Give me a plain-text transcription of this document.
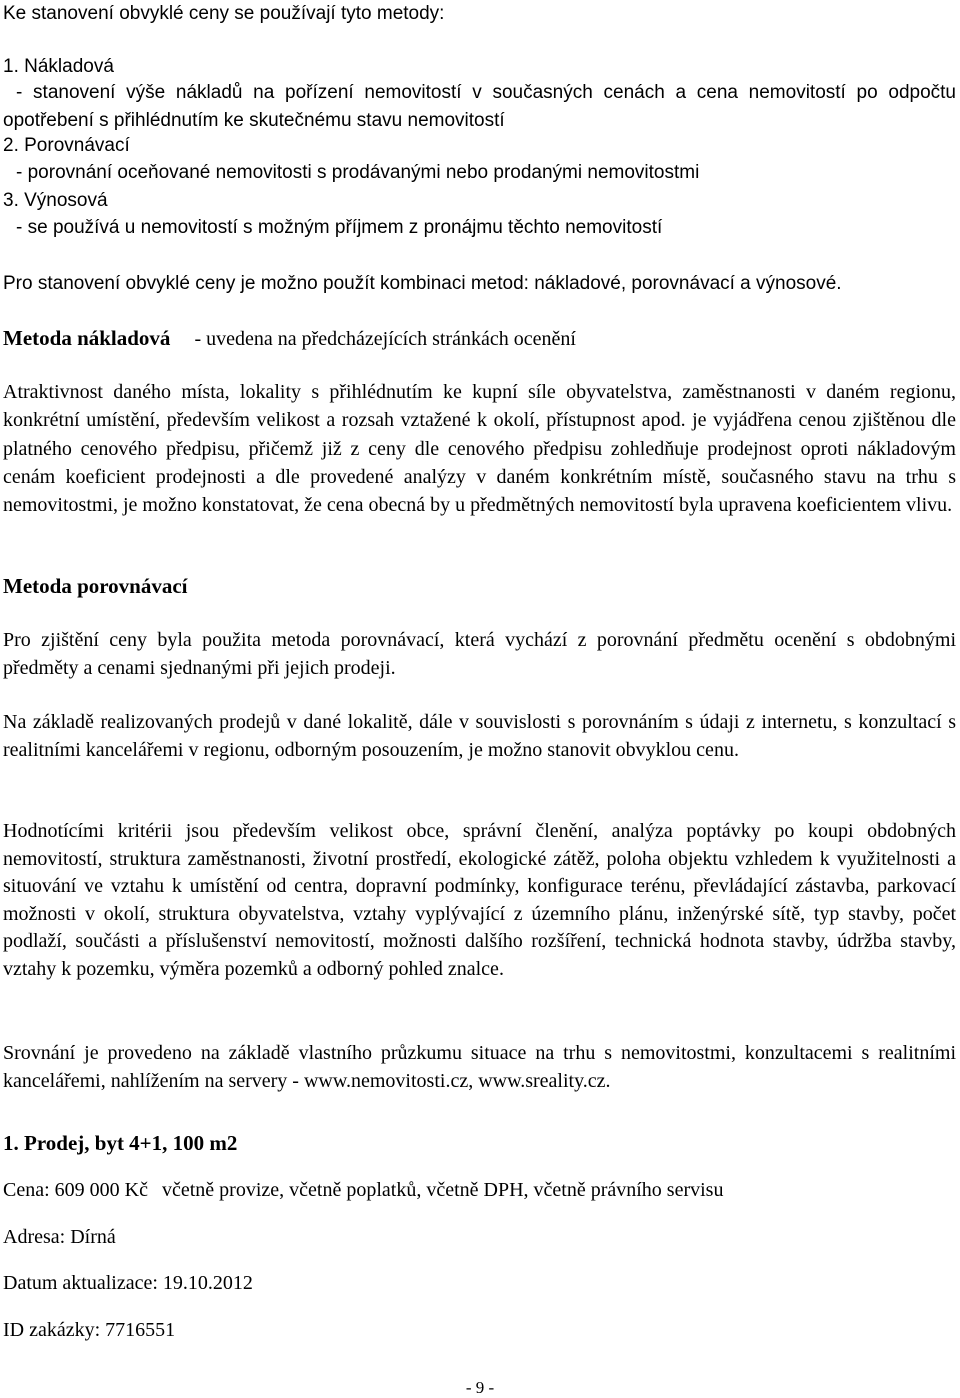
Ke stanovení obvyklé ceny se používají tyto metody:
1. Nákladová
- stanovení výše nákladů na pořízení nemovitostí v současných cenách a cena nemovitostí po odpočtu opotřebení s přihlédnutím ke skutečnému stavu nemovitostí
2. Porovnávací
- porovnání oceňované nemovitosti s prodávanými nebo prodanými nemovitostmi
3. Výnosová
- se používá u nemovitostí s možným příjmem z pronájmu těchto nemovitostí
Pro stanovení obvyklé ceny je možno použít kombinaci metod: nákladové, porovnávací a výnosové.
Metoda nákladová - uvedena na předcházejících stránkách ocenění
Atraktivnost daného místa, lokality s přihlédnutím ke kupní síle obyvatelstva, zaměstnanosti v daném regionu, konkrétní umístění, především velikost a rozsah vztažené k okolí, přístupnost apod. je vyjádřena cenou zjištěnou dle platného cenového předpisu, přičemž již z ceny dle cenového předpisu zohledňuje prodejnost oproti nákladovým cenám koeficient prodejnosti a dle provedené analýzy v daném konkrétním místě, současného stavu na trhu s nemovitostmi, je možno konstatovat, že cena obecná by u předmětných nemovitostí byla upravena koeficientem vlivu.
Metoda porovnávací
Pro zjištění ceny byla použita metoda porovnávací, která vychází z porovnání předmětu ocenění s obdobnými předměty a cenami sjednanými při jejich prodeji.
Na základě realizovaných prodejů v dané lokalitě, dále v souvislosti s porovnáním s údaji z internetu, s konzultací s realitními kancelářemi v regionu, odborným posouzením, je možno stanovit obvyklou cenu.
Hodnotícími kritérii jsou především velikost obce, správní členění, analýza poptávky po koupi obdobných nemovitostí, struktura zaměstnanosti, životní prostředí, ekologické zátěž, poloha objektu vzhledem k využitelnosti a situování ve vztahu k umístění od centra, dopravní podmínky, konfigurace terénu, převládající zástavba, parkovací možnosti v okolí, struktura obyvatelstva, vztahy vyplývající z územního plánu, inženýrské sítě, typ stavby, počet podlaží, součásti a příslušenství nemovitostí, možnosti dalšího rozšíření, technická hodnota stavby, údržba stavby, vztahy k pozemku, výměra pozemků a odborný pohled znalce.
Srovnání je provedeno na základě vlastního průzkumu situace na trhu s nemovitostmi, konzultacemi s realitními kancelářemi, nahlížením na servery - www.nemovitosti.cz, www.sreality.cz.
1. Prodej, byt 4+1, 100 m2
Cena: 609 000 Kč včetně provize, včetně poplatků, včetně DPH, včetně právního servisu
Adresa: Dírná
Datum aktualizace: 19.10.2012
ID zakázky: 7716551
- 9 -
